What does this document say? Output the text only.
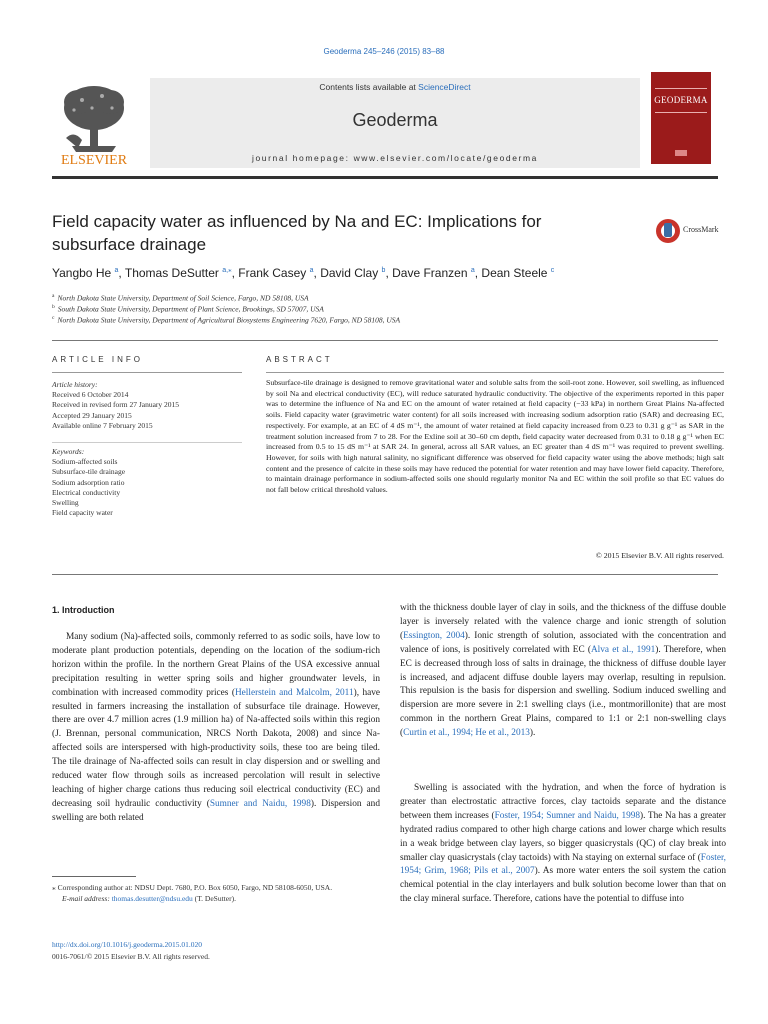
Geoderma 245–246 (2015) 83–88
ELSEVIER
Contents lists available at ScienceDirect
Geoderma
journal homepage: www.elsevier.com/locate/geoderma
GEODERMA
Field capacity water as influenced by Na and EC: Implications for subsurface drainage
CrossMark
Yangbo He $^a$, Thomas DeSutter $^{a,⁎}$, Frank Casey $^a$, David Clay $^b$, Dave Franzen $^a$, Dean Steele $^c$
$^a$ North Dakota State University, Department of Soil Science, Fargo, ND 58108, USA
$^b$ South Dakota State University, Department of Plant Science, Brookings, SD 57007, USA
$^c$ North Dakota State University, Department of Agricultural Biosystems Engineering 7620, Fargo, ND 58108, USA
ARTICLE INFO	ABSTRACT
Article history:
Received 6 October 2014
Received in revised form 27 January 2015
Accepted 29 January 2015
Available online 7 February 2015
Keywords:
Sodium-affected soils
Subsurface-tile drainage
Sodium adsorption ratio
Electrical conductivity
Swelling
Field capacity water
Subsurface-tile drainage is designed to remove gravitational water and soluble salts from the soil-root zone. However, soil swelling, as influenced by soil Na and electrical conductivity (EC), will reduce saturated hydraulic conductivity. The objective of the experiments reported in this paper was to determine the influence of Na and EC on the amount of water retained at field capacity (−33 kPa) in northern Great Plains Na-affected soils. Field capacity water (gravimetric water content) for all soils increased with increasing sodium adsorption ratio (SAR) and decreasing EC, respectively. For example, at an EC of 4 dS m⁻¹, the amount of water retained at field capacity increased from 0.23 to 0.31 g g⁻¹ as SAR in the treatment solution increased from 7 to 28. For the Exline soil at 30–60 cm depth, field capacity water decreased from 0.31 to 0.18 g g⁻¹ when EC increased from 0.5 to 15 dS m⁻¹ at SAR 24. In general, across all SAR values, an EC greater than 4 dS m⁻¹ was required to prevent swelling. However, for soils with high natural salinity, no significant difference was observed for field capacity water using the above methods; high salt content and the presence of calcite in these soils may have reduced the potential for water retention and may have lower field capacity. Therefore, to maintain drainage performance in sodium-affected soils one should regularly monitor Na and EC within the soil profile so that EC values do not fall below critical threshold values.
© 2015 Elsevier B.V. All rights reserved.
1. Introduction
Many sodium (Na)-affected soils, commonly referred to as sodic soils, have low to moderate plant production potentials, depending on the location of the sodium-rich horizon within the profile. In the northern Great Plains of the USA excessive annual precipitation resulting in wetter spring soils and higher groundwater levels, in combination with increased commodity prices (Hellerstein and Malcolm, 2011), have resulted in farmers increasing the installation of subsurface tile drainage. However, there are over 4.7 million acres (1.9 million ha) of Na-affected soils within this region (J. Brennan, personal communication, NRCS North Dakota, 2008) and since Na-affected soils are interspersed with high-productivity soils, these too are being tiled. The tile drainage of Na-affected soils can result in clay dispersion and or swelling and reduced water flow through soils as increased percolation will result in selective leaching of higher charge cations thus reducing soil electrical conductivity (EC) and decreasing soil hydraulic conductivity (Sumner and Naidu, 1998). Dispersion and swelling are both related
with the thickness double layer of clay in soils, and the thickness of the diffuse double layer is inversely related with the valence charge and ionic strength of solution (Essington, 2004). Ionic strength of solution, associated with the concentration and valence of ions, is positively correlated with EC (Alva et al., 1991). Therefore, when EC is decreased through loss of salts in drainage, the thickness of diffuse double layer is increased, and adjacent diffuse double layers may overlap, resulting in repulsion. This repulsion is the basis for dispersion and swelling. Sodium induced swelling and dispersion are more severe in 2:1 swelling clays (i.e., montmorillonite) that are most common in the northern Great Plains, compared to 1:1 or 2:1 non-swelling clays (Curtin et al., 1994; He et al., 2013).
Swelling is associated with the hydration, and when the force of hydration is greater than electrostatic attractive forces, clay tactoids separate and the distance between them increases (Foster, 1954; Sumner and Naidu, 1998). The Na has a greater hydrated radius compared to other high charge cations and lower charge which results in a weak bridge between clay layers, so bigger quasicrystals (QC) of clay break into smaller clay quasicrystals (clay tactoids) with Na staying on external surface of (Foster, 1954; Grim, 1968; Pils et al., 2007). As more water enters the soil system the cation chemical potential in the clay interlayers and bulk solution become lower than that on the clay mineral surface. Therefore, cations have the potential to diffuse into
⁎ Corresponding author at: NDSU Dept. 7680, P.O. Box 6050, Fargo, ND 58108-6050, USA.
E-mail address: thomas.desutter@ndsu.edu (T. DeSutter).
http://dx.doi.org/10.1016/j.geoderma.2015.01.020
0016-7061/© 2015 Elsevier B.V. All rights reserved.
